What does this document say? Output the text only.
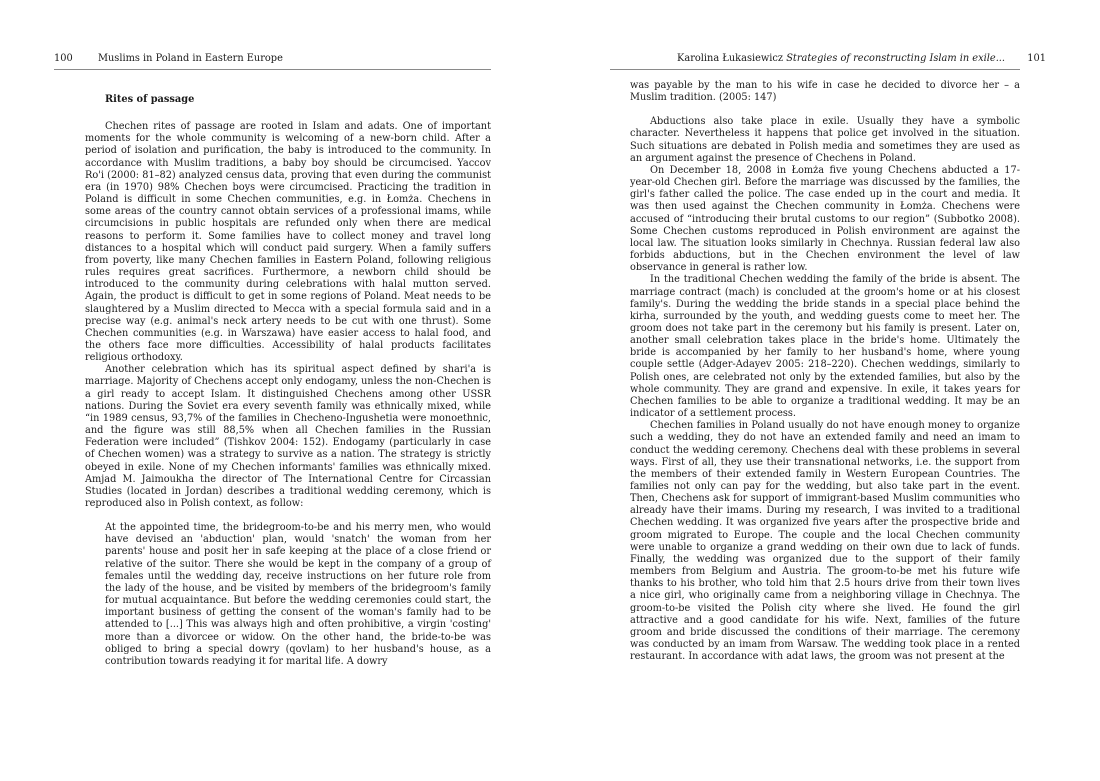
100	Muslims in Poland in Eastern Europe
Rites of passage

Chechen rites of passage are rooted in Islam and adats. One of important moments for the whole community is welcoming of a new-born child. After a period of isolation and purification, the baby is introduced to the community. In accordance with Muslim traditions, a baby boy should be circumcised. Yaccov Ro'i (2000: 81–82) analyzed census data, proving that even during the communist era (in 1970) 98% Chechen boys were circumcised. Practicing the tradition in Poland is difficult in some Chechen communities, e.g. in Łomża. Chechens in some areas of the country cannot obtain services of a professional imams, while circumcisions in public hospitals are refunded only when there are medical reasons to perform it. Some families have to collect money and travel long distances to a hospital which will conduct paid surgery. When a family suffers from poverty, like many Chechen families in Eastern Poland, following religious rules requires great sacrifices. Furthermore, a newborn child should be introduced to the community during celebrations with halal mutton served. Again, the product is difficult to get in some regions of Poland. Meat needs to be slaughtered by a Muslim directed to Mecca with a special formula said and in a precise way (e.g. animal's neck artery needs to be cut with one thrust). Some Chechen communities (e.g. in Warszawa) have easier access to halal food, and the others face more difficulties. Accessibility of halal products facilitates religious orthodoxy.

Another celebration which has its spiritual aspect defined by shari'a is marriage. Majority of Chechens accept only endogamy, unless the non-Chechen is a girl ready to accept Islam. It distinguished Chechens among other USSR nations. During the Soviet era every seventh family was ethnically mixed, while “in 1989 census, 93,7% of the families in Checheno-Ingushetia were monoethnic, and the figure was still 88,5% when all Chechen families in the Russian Federation were included” (Tishkov 2004: 152). Endogamy (particularly in case of Chechen women) was a strategy to survive as a nation. The strategy is strictly obeyed in exile. None of my Chechen informants' families was ethnically mixed. Amjad M. Jaimoukha the director of The International Centre for Circassian Studies (located in Jordan) describes a traditional wedding ceremony, which is reproduced also in Polish context, as follow:

At the appointed time, the bridegroom-to-be and his merry men, who would have devised an 'abduction' plan, would 'snatch' the woman from her parents' house and posit her in safe keeping at the place of a close friend or relative of the suitor. There she would be kept in the company of a group of females until the wedding day, receive instructions on her future role from the lady of the house, and be visited by members of the bridegroom's family for mutual acquaintance. But before the wedding ceremonies could start, the important business of getting the consent of the woman's family had to be attended to [...] This was always high and often prohibitive, a virgin 'costing' more than a divorcee or widow. On the other hand, the bride-to-be was obliged to bring a special dowry (qovlam) to her husband's house, as a contribution towards readying it for marital life. A dowry

Karolina Łukasiewicz Strategies of reconstructing Islam in exile... 101

was payable by the man to his wife in case he decided to divorce her – a Muslim tradition. (2005: 147)

Abductions also take place in exile. Usually they have a symbolic character. Nevertheless it happens that police get involved in the situation. Such situations are debated in Polish media and sometimes they are used as an argument against the presence of Chechens in Poland.

On December 18, 2008 in Łomża five young Chechens abducted a 17-year-old Chechen girl. Before the marriage was discussed by the families, the girl's father called the police. The case ended up in the court and media. It was then used against the Chechen community in Łomża. Chechens were accused of “introducing their brutal customs to our region” (Subbotko 2008). Some Chechen customs reproduced in Polish environment are against the local law. The situation looks similarly in Chechnya. Russian federal law also forbids abductions, but in the Chechen environment the level of law observance in general is rather low.

In the traditional Chechen wedding the family of the bride is absent. The marriage contract (mach) is concluded at the groom's home or at his closest family's. During the wedding the bride stands in a special place behind the kirha, surrounded by the youth, and wedding guests come to meet her. The groom does not take part in the ceremony but his family is present. Later on, another small celebration takes place in the bride's home. Ultimately the bride is accompanied by her family to her husband's home, where young couple settle (Adger-Adayev 2005: 218–220). Chechen weddings, similarly to Polish ones, are celebrated not only by the extended families, but also by the whole community. They are grand and expensive. In exile, it takes years for Chechen families to be able to organize a traditional wedding. It may be an indicator of a settlement process.

Chechen families in Poland usually do not have enough money to organize such a wedding, they do not have an extended family and need an imam to conduct the wedding ceremony. Chechens deal with these problems in several ways. First of all, they use their transnational networks, i.e. the support from the members of their extended family in Western European Countries. The families not only can pay for the wedding, but also take part in the event. Then, Chechens ask for support of immigrant-based Muslim communities who already have their imams. During my research, I was invited to a traditional Chechen wedding. It was organized five years after the prospective bride and groom migrated to Europe. The couple and the local Chechen community were unable to organize a grand wedding on their own due to lack of funds. Finally, the wedding was organized due to the support of their family members from Belgium and Austria. The groom-to-be met his future wife thanks to his brother, who told him that 2.5 hours drive from their town lives a nice girl, who originally came from a neighboring village in Chechnya. The groom-to-be visited the Polish city where she lived. He found the girl attractive and a good candidate for his wife. Next, families of the future groom and bride discussed the conditions of their marriage. The ceremony was conducted by an imam from Warsaw. The wedding took place in a rented restaurant. In accordance with adat laws, the groom was not present at the
